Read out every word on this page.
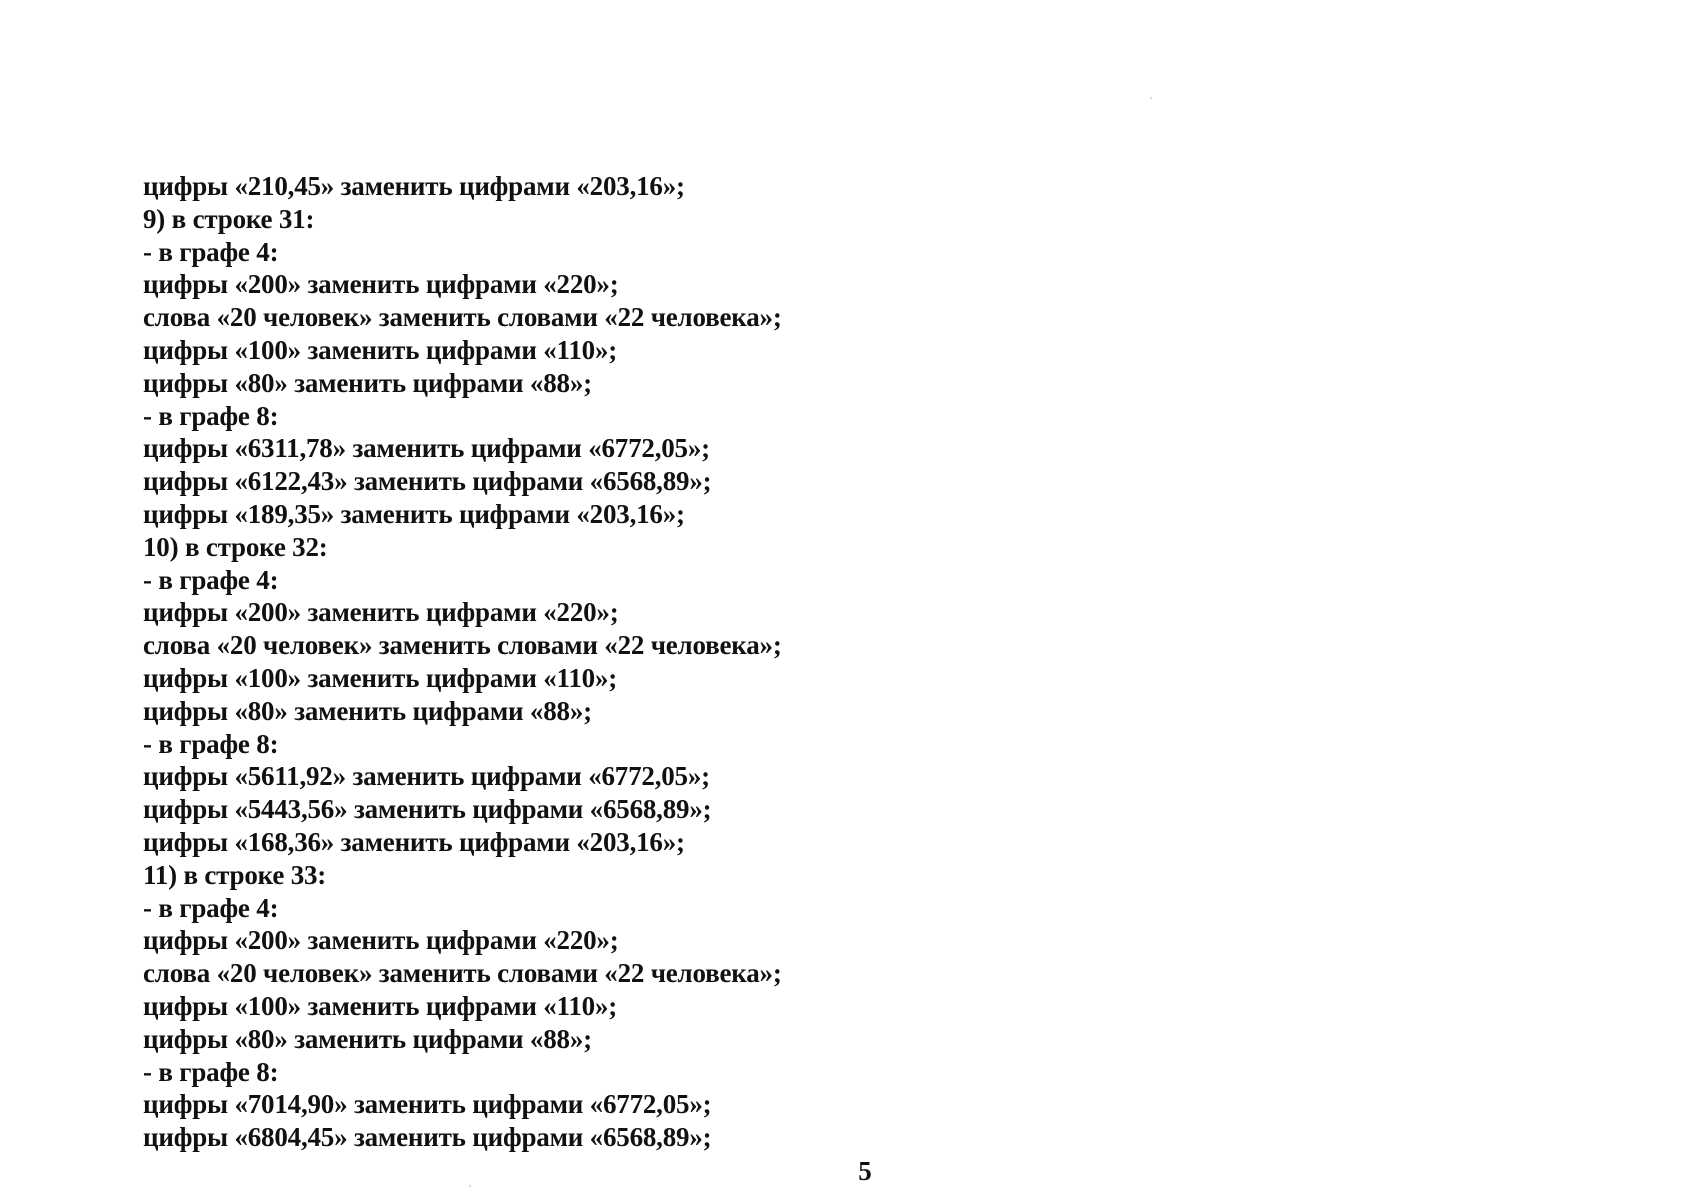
цифры «210,45» заменить цифрами «203,16»;
9) в строке 31:
- в графе 4:
цифры «200» заменить цифрами «220»;
слова «20 человек» заменить словами «22 человека»;
цифры «100» заменить цифрами «110»;
цифры «80» заменить цифрами «88»;
- в графе 8:
цифры «6311,78» заменить цифрами «6772,05»;
цифры «6122,43» заменить цифрами «6568,89»;
цифры «189,35» заменить цифрами «203,16»;
10) в строке 32:
- в графе 4:
цифры «200» заменить цифрами «220»;
слова «20 человек» заменить словами «22 человека»;
цифры «100» заменить цифрами «110»;
цифры «80» заменить цифрами «88»;
- в графе 8:
цифры «5611,92» заменить цифрами «6772,05»;
цифры «5443,56» заменить цифрами «6568,89»;
цифры «168,36» заменить цифрами «203,16»;
11) в строке 33:
- в графе 4:
цифры «200» заменить цифрами «220»;
слова «20 человек» заменить словами «22 человека»;
цифры «100» заменить цифрами «110»;
цифры «80» заменить цифрами «88»;
- в графе 8:
цифры «7014,90» заменить цифрами «6772,05»;
цифры «6804,45» заменить цифрами «6568,89»;
5
